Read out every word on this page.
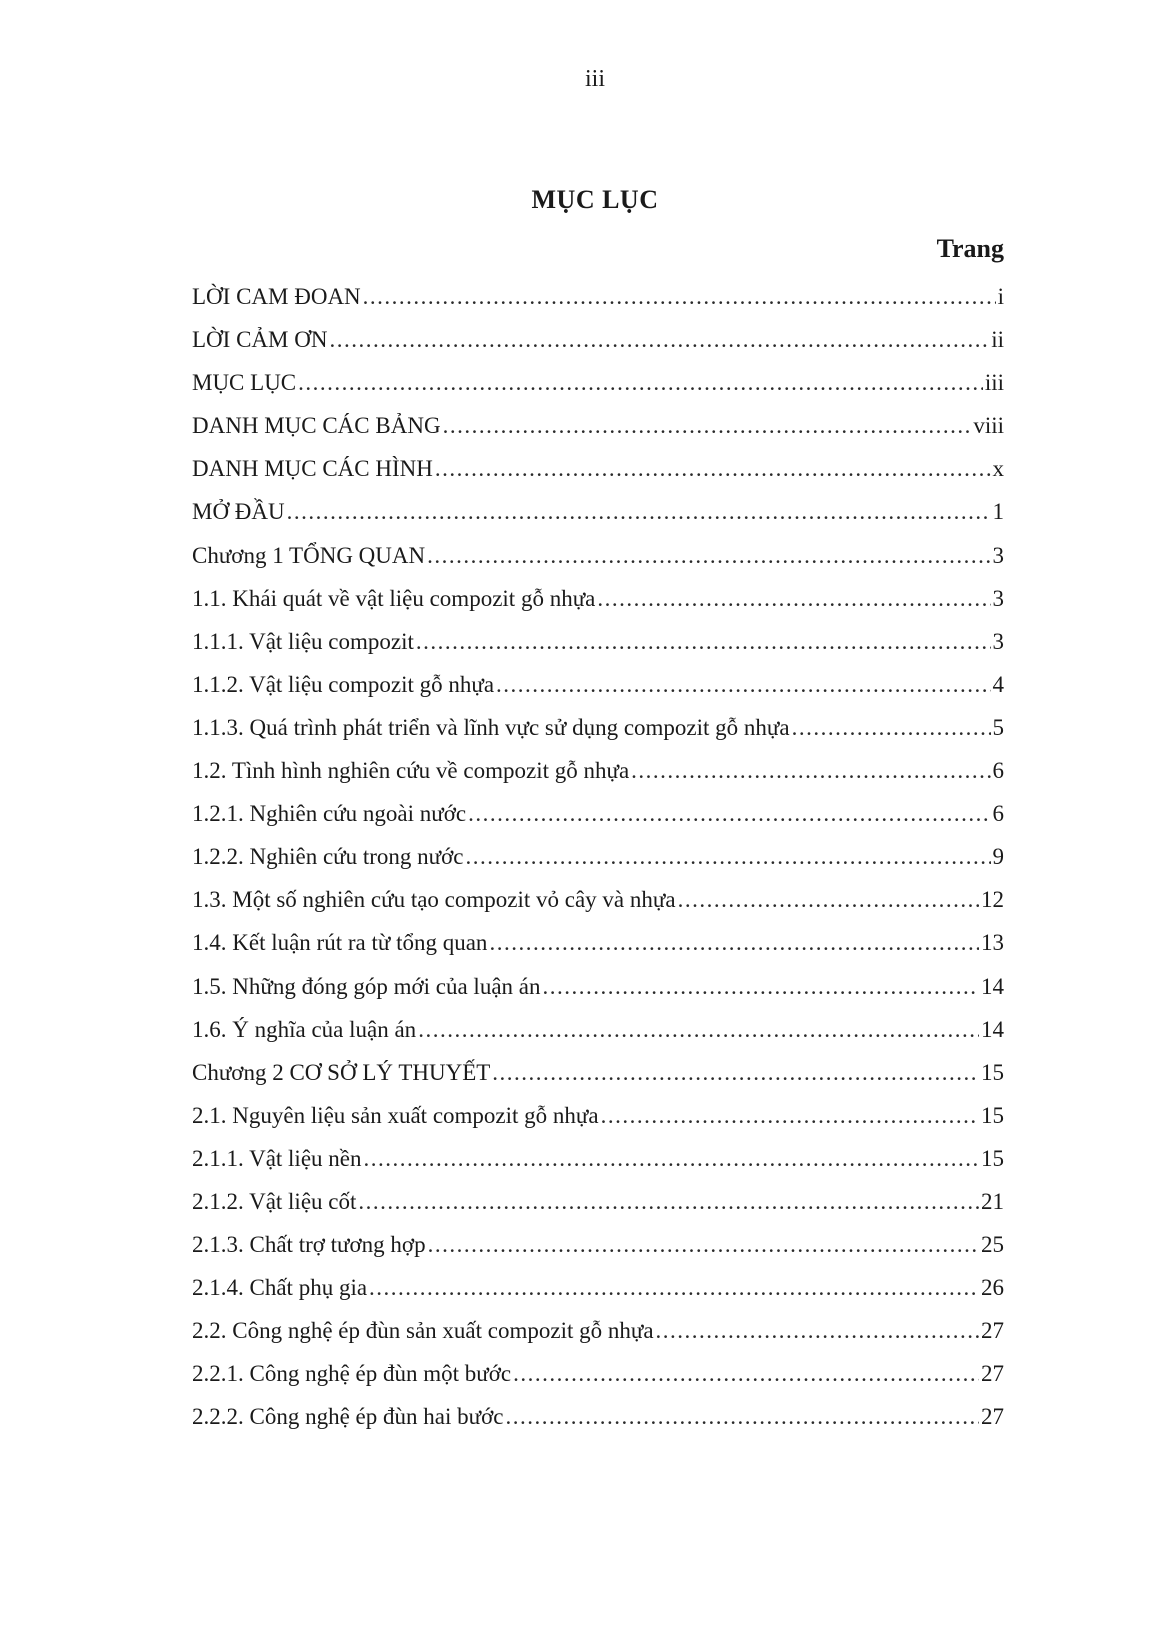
iii
MỤC LỤC
Trang
LỜI CAM ĐOAN .....	i
LỜI CẢM ƠN .....	ii
MỤC LỤC .....	iii
DANH MỤC CÁC BẢNG .....	viii
DANH MỤC CÁC HÌNH .....	x
MỞ ĐẦU .....	1
Chương 1 TỔNG QUAN .....	3
1.1. Khái quát về vật liệu compozit gỗ nhựa .....	3
1.1.1. Vật liệu compozit .....	3
1.1.2. Vật liệu compozit gỗ nhựa .....	4
1.1.3. Quá trình phát triển và lĩnh vực sử dụng compozit gỗ nhựa .....	5
1.2. Tình hình nghiên cứu về compozit gỗ nhựa .....	6
1.2.1. Nghiên cứu ngoài nước .....	6
1.2.2. Nghiên cứu trong nước .....	9
1.3. Một số nghiên cứu tạo compozit vỏ cây và nhựa .....	12
1.4. Kết luận rút ra từ tổng quan .....	13
1.5. Những đóng góp mới của luận án .....	14
1.6. Ý nghĩa của luận án .....	14
Chương 2 CƠ SỞ LÝ THUYẾT .....	15
2.1. Nguyên liệu sản xuất compozit gỗ nhựa .....	15
2.1.1. Vật liệu nền .....	15
2.1.2. Vật liệu cốt .....	21
2.1.3. Chất trợ tương hợp .....	25
2.1.4. Chất phụ gia .....	26
2.2. Công nghệ ép đùn sản xuất compozit gỗ nhựa .....	27
2.2.1. Công nghệ ép đùn một bước .....	27
2.2.2. Công nghệ ép đùn hai bước .....	27
